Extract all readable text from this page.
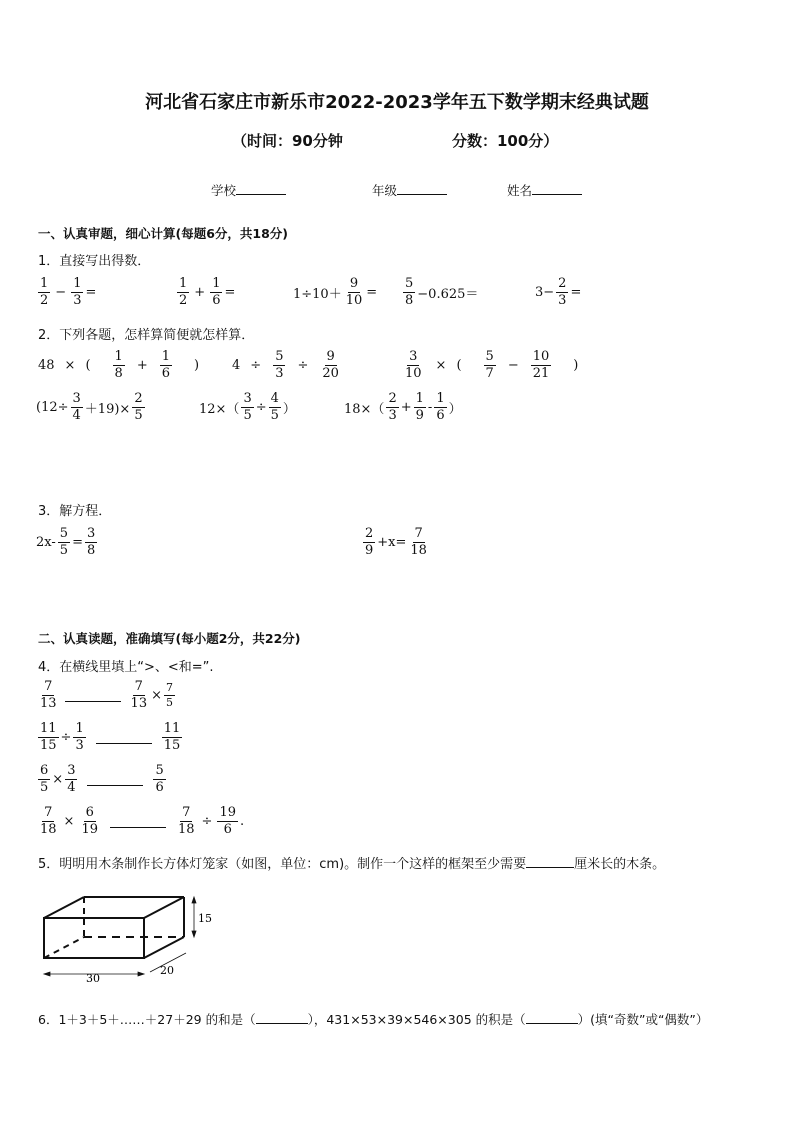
河北省石家庄市新乐市2022-2023学年五下数学期末经典试题
（时间：90分钟	分数：100分）
学校	年级	姓名
一、认真审题，细心计算(每题6分，共18分)
1．直接写出得数．
$\frac{1}{2} - \frac{1}{3}$ =	$\frac{1}{2} + \frac{1}{6}$ =	$1\div 10+ \frac{9}{10} = \frac{5}{8} -0.625=$	$3- \frac{2}{3}$ =
2．下列各题，怎样算简便就怎样算．
48 × ( $\frac{1}{8} + \frac{1}{6}$ )	$4 \div \frac{5}{3} \div \frac{9}{20}$	$\frac{3}{10}$ × ( $\frac{5}{7} - \frac{10}{21}$ )
$(12\div \frac{3}{4} +19)\times \frac{2}{5}$	$12\times( \frac{3}{5} \div \frac{4}{5}$ ）	$18\times( \frac{2}{3} + \frac{1}{9} - \frac{1}{6}$ ）
3．解方程．
$2x- \frac{5}{5} = \frac{3}{8}$	$\frac{2}{9} +x= \frac{7}{18}$
二、认真读题，准确填写(每小题2分，共22分)
4．在横线里填上“>、<和=”.
$\frac{7}{13}$	$\frac{7}{13} \times \frac{7}{5}$
$\frac{11}{15} \div \frac{1}{3}$	$\frac{11}{15}$
$\frac{6}{5} \times \frac{3}{4}$	$\frac{5}{6}$
$\frac{7}{18} \times \frac{6}{19}$	$\frac{7}{18} \div \frac{19}{6}$ .
5．明明用木条制作长方体灯笼家（如图，单位：cm)。制作一个这样的框架至少需要	厘米长的木条。
30
20
15
6．1＋3＋5＋……＋27＋29 的和是（	），431×53×39×546×305 的积是（	）(填“奇数”或“偶数”）
